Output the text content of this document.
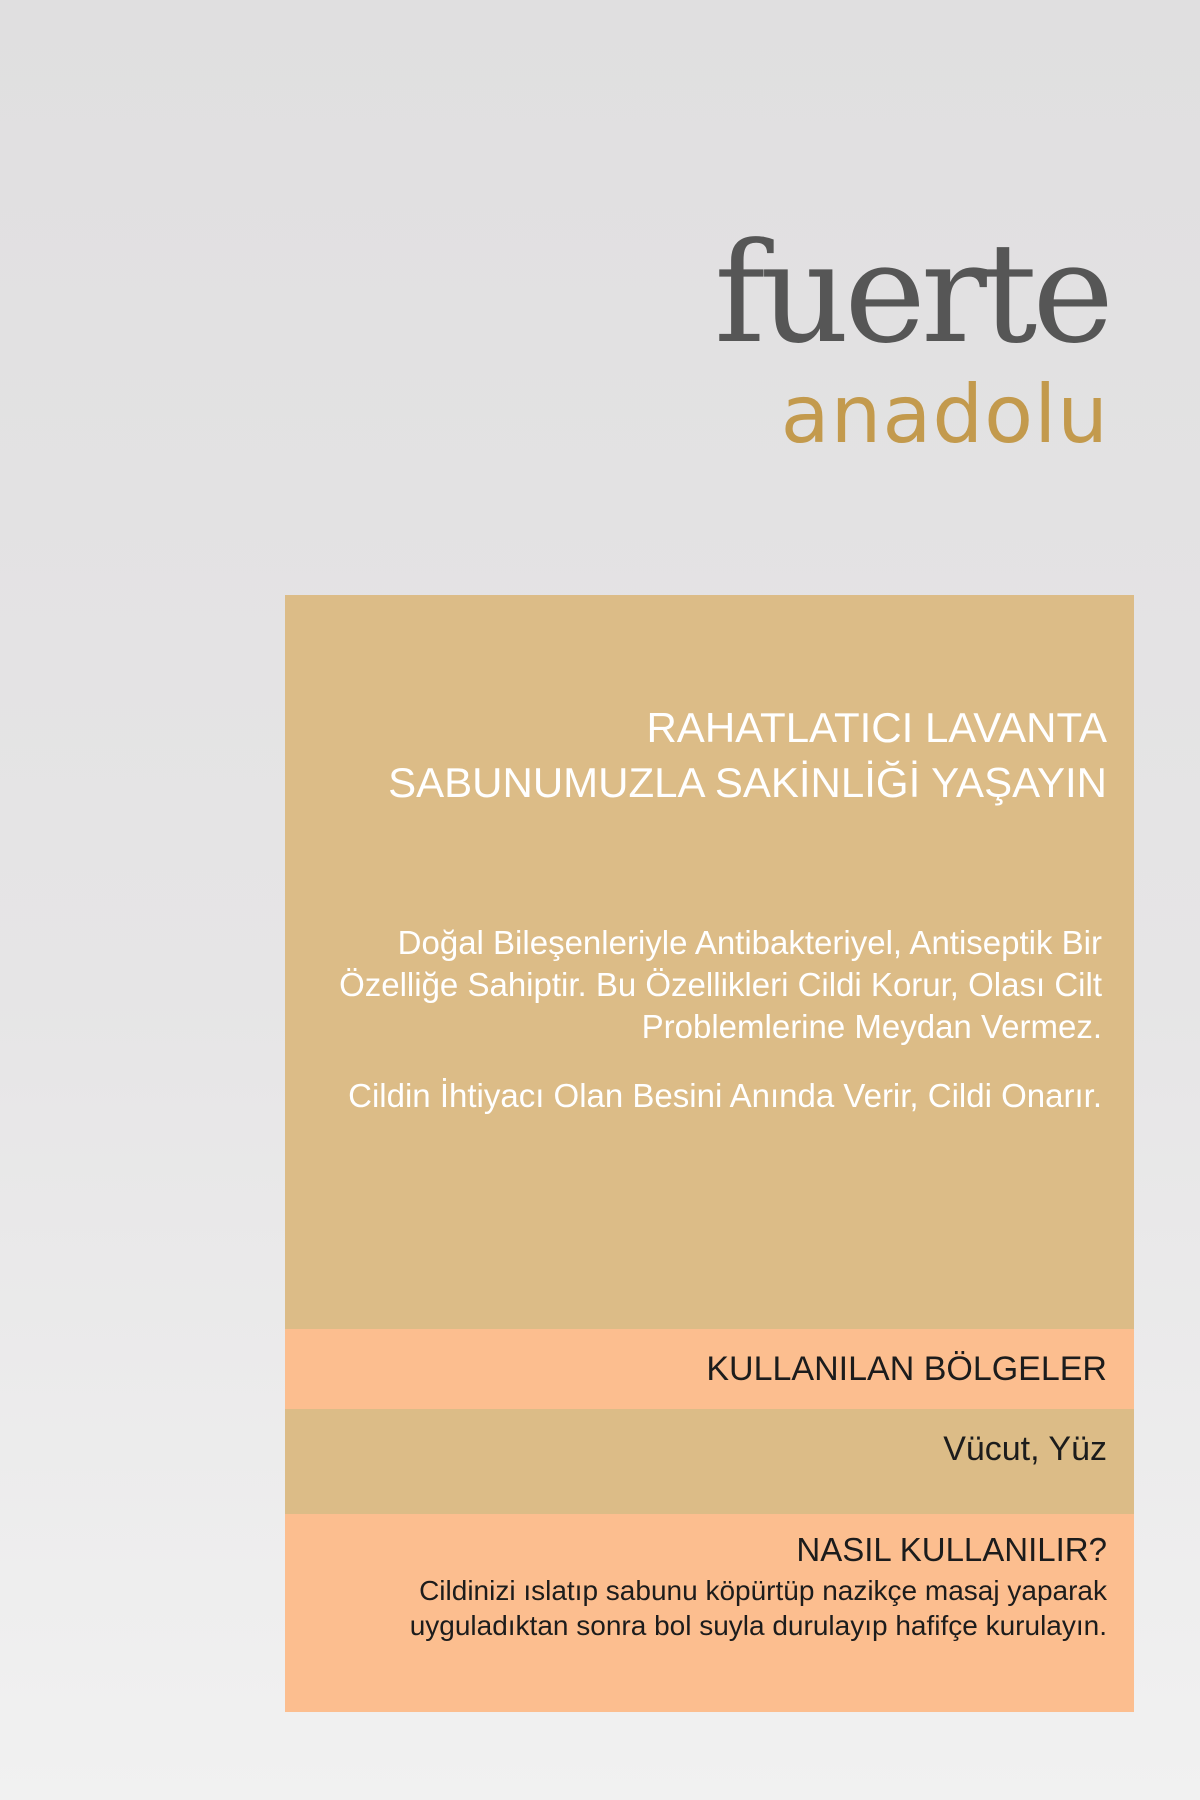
fuerte
anadolu
RAHATLATICI LAVANTA
SABUNUMUZLA SAKİNLİĞİ YAŞAYIN

Doğal Bileşenleriyle Antibakteriyel, Antiseptik Bir Özelliğe Sahiptir. Bu Özellikleri Cildi Korur, Olası Cilt Problemlerine Meydan Vermez.

Cildin İhtiyacı Olan Besini Anında Verir, Cildi Onarır.

KULLANILAN BÖLGELER
Vücut, Yüz
NASIL KULLANILIR?
Cildinizi ıslatıp sabunu köpürtüp nazikçe masaj yaparak uyguladıktan sonra bol suyla durulayıp hafifçe kurulayın.
